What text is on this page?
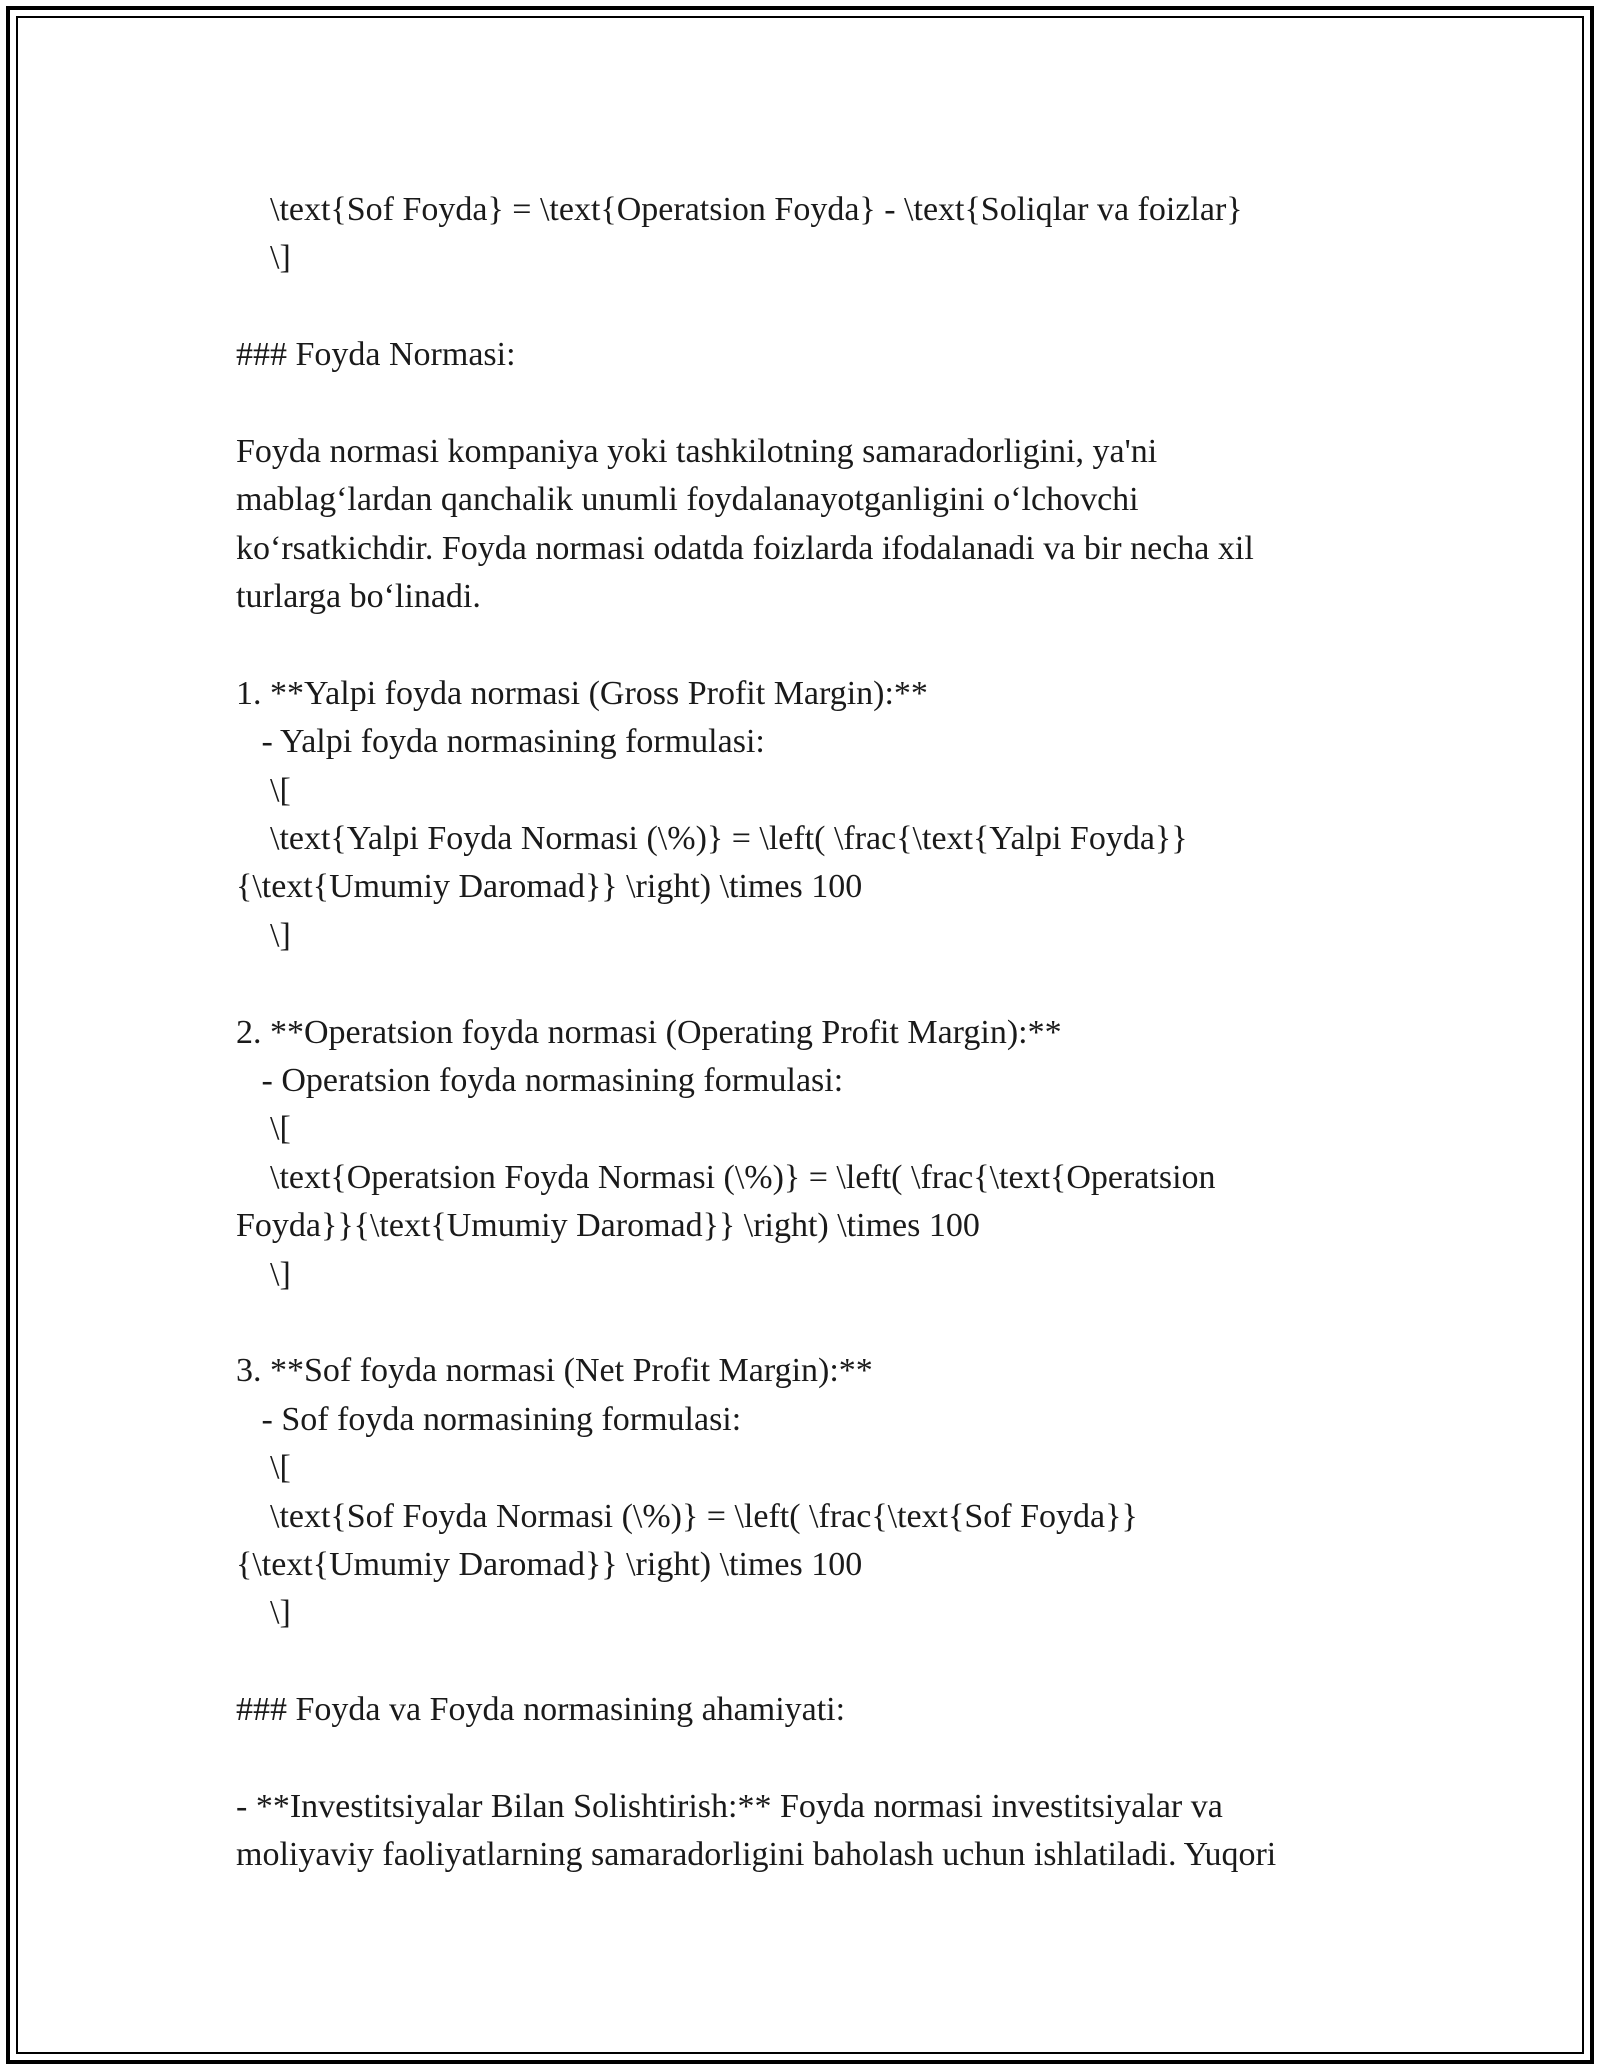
\text{Sof Foyda} = \text{Operatsion Foyda} - \text{Soliqlar va foizlar}
\]
### Foyda Normasi:
Foyda normasi kompaniya yoki tashkilotning samaradorligini, ya'ni
mablag‘lardan qanchalik unumli foydalanayotganligini o‘lchovchi
ko‘rsatkichdir. Foyda normasi odatda foizlarda ifodalanadi va bir necha xil
turlarga bo‘linadi.
1. **Yalpi foyda normasi (Gross Profit Margin):**
- Yalpi foyda normasining formulasi:
\[
\text{Yalpi Foyda Normasi (\%)} = \left( \frac{\text{Yalpi Foyda}}
{\text{Umumiy Daromad}} \right) \times 100
\]
2. **Operatsion foyda normasi (Operating Profit Margin):**
- Operatsion foyda normasining formulasi:
\[
\text{Operatsion Foyda Normasi (\%)} = \left( \frac{\text{Operatsion
Foyda}}{\text{Umumiy Daromad}} \right) \times 100
\]
3. **Sof foyda normasi (Net Profit Margin):**
- Sof foyda normasining formulasi:
\[
\text{Sof Foyda Normasi (\%)} = \left( \frac{\text{Sof Foyda}}
{\text{Umumiy Daromad}} \right) \times 100
\]
### Foyda va Foyda normasining ahamiyati:
- **Investitsiyalar Bilan Solishtirish:** Foyda normasi investitsiyalar va
moliyaviy faoliyatlarning samaradorligini baholash uchun ishlatiladi. Yuqori
